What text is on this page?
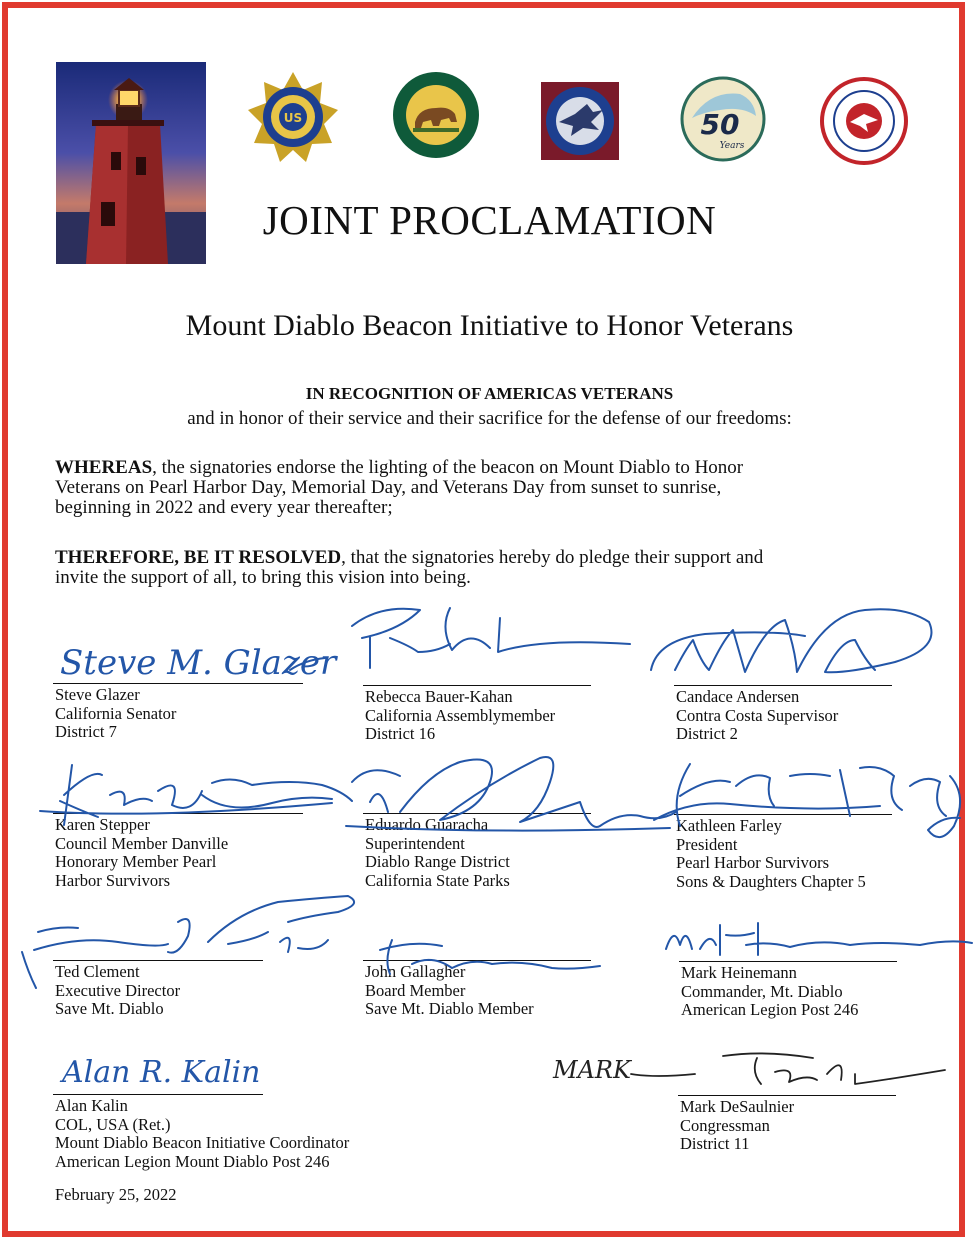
US	50
Years
JOINT PROCLAMATION
Mount Diablo Beacon Initiative to Honor Veterans
IN RECOGNITION OF AMERICAS VETERANS
and in honor of their service and their sacrifice for the defense of our freedoms:
WHEREAS, the signatories endorse the lighting of the beacon on Mount Diablo to Honor
Veterans on Pearl Harbor Day, Memorial Day, and Veterans Day from sunset to sunrise,
beginning in 2022 and every year thereafter;
THEREFORE, BE IT RESOLVED, that the signatories hereby do pledge their support and
invite the support of all, to bring this vision into being.
Steve Glazer
California Senator
District 7
Rebecca Bauer-Kahan
California Assemblymember
District 16
Candace Andersen
Contra Costa Supervisor
District 2
Karen Stepper
Council Member Danville
Honorary Member Pearl
Harbor Survivors
Eduardo Guaracha
Superintendent
Diablo Range District
California State Parks
Kathleen Farley
President
Pearl Harbor Survivors
Sons & Daughters Chapter 5
Ted Clement
Executive Director
Save Mt. Diablo
John Gallagher
Board Member
Save Mt. Diablo Member
Mark Heinemann
Commander, Mt. Diablo
American Legion Post 246
Alan Kalin
COL, USA (Ret.)
Mount Diablo Beacon Initiative Coordinator
American Legion Mount Diablo Post 246
Mark DeSaulnier
Congressman
District 11
February 25, 2022
Steve M. Glazer
Alan R. Kalin	MARK
